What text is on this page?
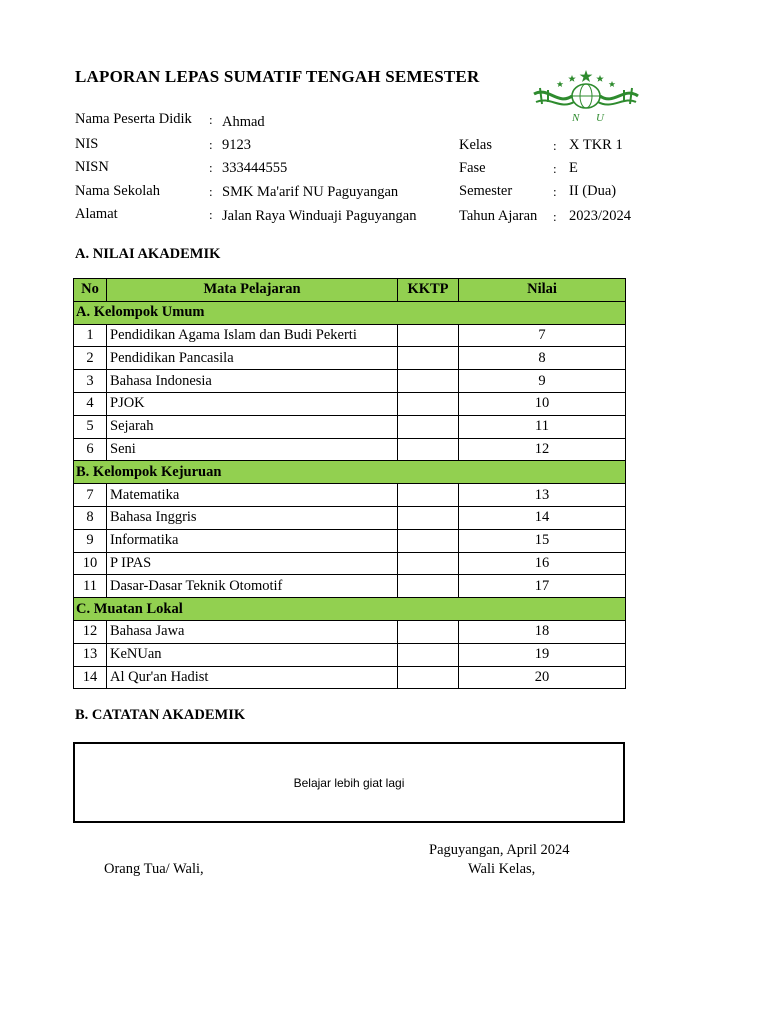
LAPORAN LEPAS SUMATIF TENGAH SEMESTER
N U
Nama Peserta Didik : Ahmad
NIS	: 9123
NISN	: 333444555
Nama Sekolah	: SMK Ma'arif NU Paguyangan
Alamat	: Jalan Raya Winduaji Paguyangan
Kelas	: X TKR 1
Fase	: E
Semester	: II (Dua)
Tahun Ajaran : 2023/2024
A. NILAI AKADEMIK
No	Mata Pelajaran	KKTP	Nilai
A. Kelompok Umum			
1	Pendidikan Agama Islam dan Budi Pekerti		7
2	Pendidikan Pancasila		8
3	Bahasa Indonesia		9
4	PJOK		10
5	Sejarah		11
6	Seni		12
B. Kelompok Kejuruan			
7	Matematika		13
8	Bahasa Inggris		14
9	Informatika		15
10	P IPAS		16
11	Dasar-Dasar Teknik Otomotif		17
C. Muatan Lokal			
12	Bahasa Jawa		18
13	KeNUan		19
14	Al Qur'an Hadist		20
B. CATATAN AKADEMIK
Belajar lebih giat lagi
Paguyangan, April 2024
Orang Tua/ Wali,	Wali Kelas,
